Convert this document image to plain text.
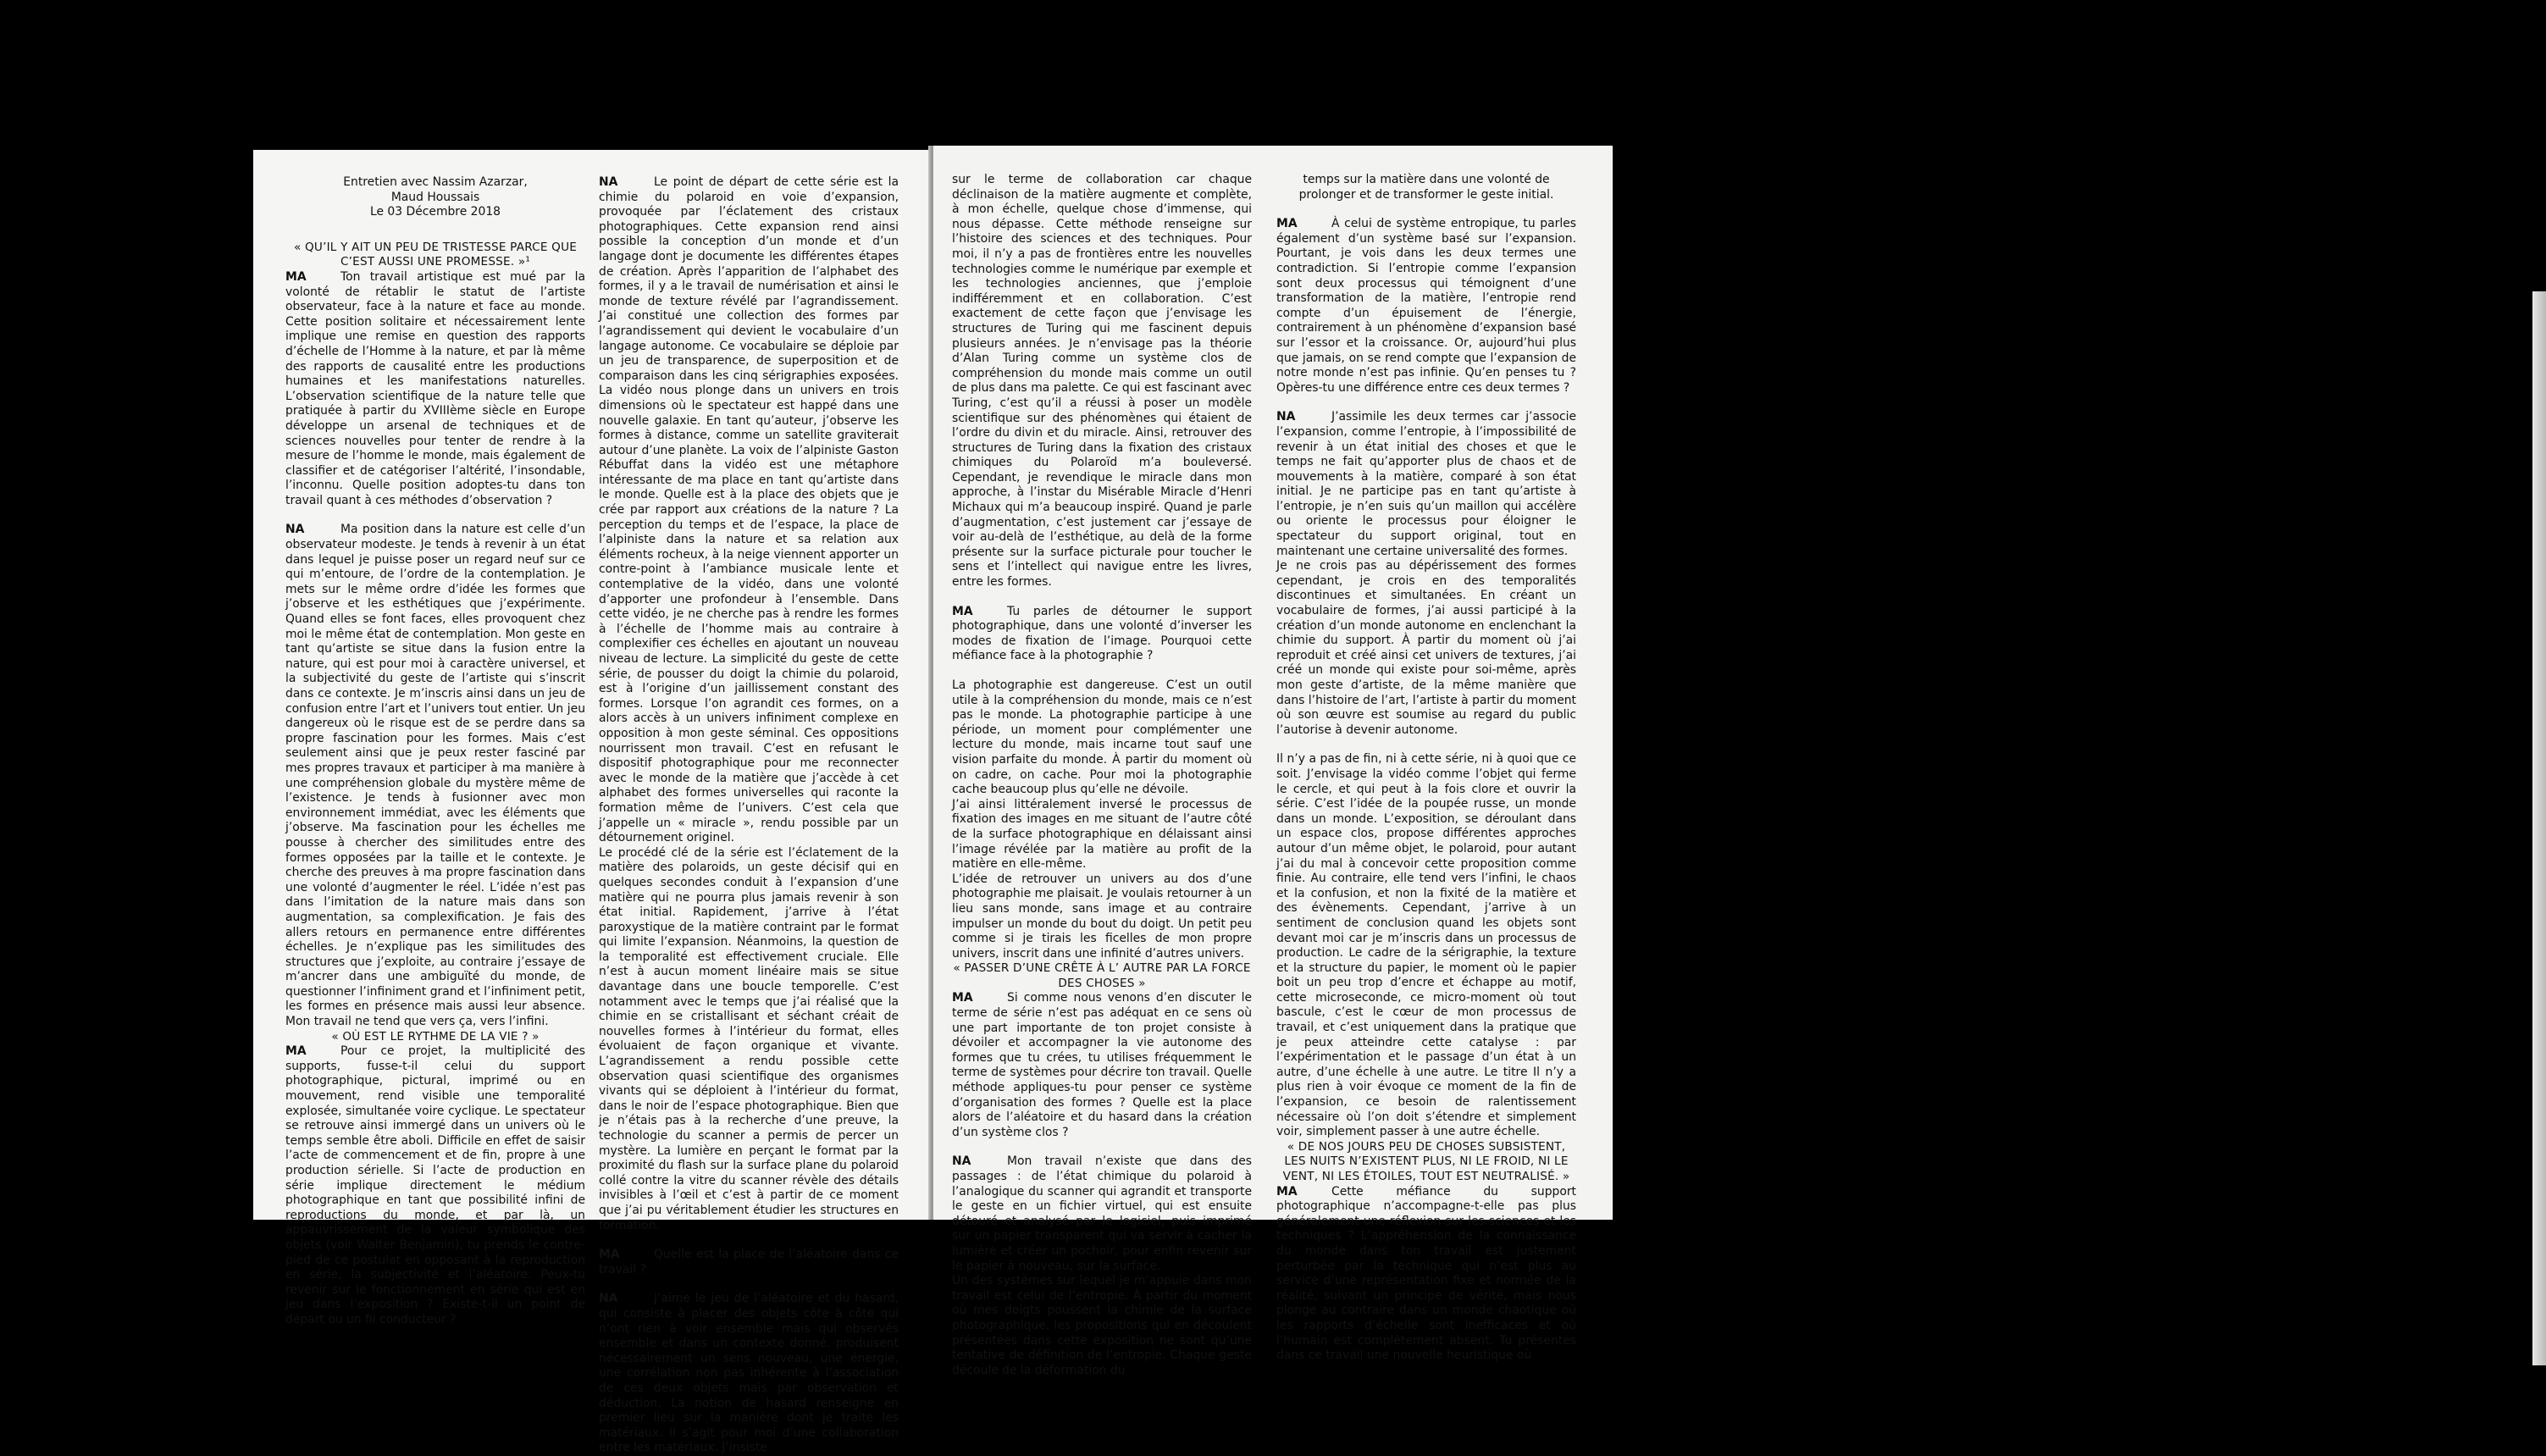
Entretien avec Nassim Azarzar,
Maud Houssais
Le 03 Décembre 2018

« QU’IL Y AIT UN PEU DE TRISTESSE PARCE QUE C’EST AUSSI UNE PROMESSE. »¹

MA	Ton travail artistique est mué par la volonté de rétablir le statut de l’artiste observateur, face à la nature et face au monde. Cette position solitaire et nécessairement lente implique une remise en question des rapports d’échelle de l’Homme à la nature, et par là même des rapports de causalité entre les productions humaines et les manifestations naturelles. L’observation scientifique de la nature telle que pratiquée à partir du XVIIIème siècle en Europe développe un arsenal de techniques et de sciences nouvelles pour tenter de rendre à la mesure de l’homme le monde, mais également de classifier et de catégoriser l’altérité, l’insondable, l’inconnu. Quelle position adoptes-tu dans ton travail quant à ces méthodes d’observation ?

NA	Ma position dans la nature est celle d’un observateur modeste. Je tends à revenir à un état dans lequel je puisse poser un regard neuf sur ce qui m’entoure, de l’ordre de la contemplation. Je mets sur le même ordre d’idée les formes que j’observe et les esthétiques que j’expérimente. Quand elles se font faces, elles provoquent chez moi le même état de contemplation. Mon geste en tant qu’artiste se situe dans la fusion entre la nature, qui est pour moi à caractère universel, et la subjectivité du geste de l’artiste qui s’inscrit dans ce contexte. Je m’inscris ainsi dans un jeu de confusion entre l’art et l’univers tout entier. Un jeu dangereux où le risque est de se perdre dans sa propre fascination pour les formes. Mais c’est seulement ainsi que je peux rester fasciné par mes propres travaux et participer à ma manière à une compréhension globale du mystère même de l’existence. Je tends à fusionner avec mon environnement immédiat, avec les éléments que j’observe. Ma fascination pour les échelles me pousse à chercher des similitudes entre des formes opposées par la taille et le contexte. Je cherche des preuves à ma propre fascination dans une volonté d’augmenter le réel. L’idée n’est pas dans l’imitation de la nature mais dans son augmentation, sa complexification. Je fais des allers retours en permanence entre différentes échelles. Je n’explique pas les similitudes des structures que j’exploite, au contraire j’essaye de m’ancrer dans une ambiguïté du monde, de questionner l’infiniment grand et l’infiniment petit, les formes en présence mais aussi leur absence. Mon travail ne tend que vers ça, vers l’infini.

« OÙ EST LE RYTHME DE LA VIE ? »

MA	Pour ce projet, la multiplicité des supports, fusse-t-il celui du support photographique, pictural, imprimé ou en mouvement, rend visible une temporalité explosée, simultanée voire cyclique. Le spectateur se retrouve ainsi immergé dans un univers où le temps semble être aboli. Difficile en effet de saisir l’acte de commencement et de fin, propre à une production sérielle. Si l’acte de production en série implique directement le médium photographique en tant que possibilité infini de reproductions du monde, et par là, un appauvrissement de la valeur symbolique des objets (voir Walter Benjamin), tu prends le contre-pied de ce postulat en opposant à la reproduction en série, la subjectivité et l’aléatoire. Peux-tu revenir sur le fonctionnement en série qui est en jeu dans l’exposition ? Existe-t-il un point de départ ou un fil conducteur ?

NA	Le point de départ de cette série est la chimie du polaroid en voie d’expansion, provoquée par l’éclatement des cristaux photographiques. Cette expansion rend ainsi possible la conception d’un monde et d’un langage dont je documente les différentes étapes de création. Après l’apparition de l’alphabet des formes, il y a le travail de numérisation et ainsi le monde de texture révélé par l’agrandissement. J’ai constitué une collection des formes par l’agrandissement qui devient le vocabulaire d’un langage autonome. Ce vocabulaire se déploie par un jeu de transparence, de superposition et de comparaison dans les cinq sérigraphies exposées. La vidéo nous plonge dans un univers en trois dimensions où le spectateur est happé dans une nouvelle galaxie. En tant qu’auteur, j’observe les formes à distance, comme un satellite graviterait autour d’une planète. La voix de l’alpiniste Gaston Rébuffat dans la vidéo est une métaphore intéressante de ma place en tant qu’artiste dans le monde. Quelle est à la place des objets que je crée par rapport aux créations de la nature ? La perception du temps et de l’espace, la place de l’alpiniste dans la nature et sa relation aux éléments rocheux, à la neige viennent apporter un contre-point à l’ambiance musicale lente et contemplative de la vidéo, dans une volonté d’apporter une profondeur à l’ensemble. Dans cette vidéo, je ne cherche pas à rendre les formes à l’échelle de l’homme mais au contraire à complexifier ces échelles en ajoutant un nouveau niveau de lecture. La simplicité du geste de cette série, de pousser du doigt la chimie du polaroid, est à l’origine d’un jaillissement constant des formes. Lorsque l’on agrandit ces formes, on a alors accès à un univers infiniment complexe en opposition à mon geste séminal. Ces oppositions nourrissent mon travail. C’est en refusant le dispositif photographique pour me reconnecter avec le monde de la matière que j’accède à cet alphabet des formes universelles qui raconte la formation même de l’univers. C’est cela que j’appelle un « miracle », rendu possible par un détournement originel.

Le procédé clé de la série est l’éclatement de la matière des polaroids, un geste décisif qui en quelques secondes conduit à l’expansion d’une matière qui ne pourra plus jamais revenir à son état initial. Rapidement, j’arrive à l’état paroxystique de la matière contraint par le format qui limite l’expansion. Néanmoins, la question de la temporalité est effectivement cruciale. Elle n’est à aucun moment linéaire mais se situe davantage dans une boucle temporelle. C’est notamment avec le temps que j’ai réalisé que la chimie en se cristallisant et séchant créait de nouvelles formes à l’intérieur du format, elles évoluaient de façon organique et vivante. L’agrandissement a rendu possible cette observation quasi scientifique des organismes vivants qui se déploient à l’intérieur du format, dans le noir de l’espace photographique. Bien que je n’étais pas à la recherche d’une preuve, la technologie du scanner a permis de percer un mystère. La lumière en perçant le format par la proximité du flash sur la surface plane du polaroid collé contre la vitre du scanner révèle des détails invisibles à l’œil et c’est à partir de ce moment que j’ai pu véritablement étudier les structures en formation.

MA	Quelle est la place de l’aléatoire dans ce travail ?

NA	J’aime le jeu de l’aléatoire et du hasard, qui consiste à placer des objets côte à côte qui n’ont rien à voir ensemble mais qui observés ensemble et dans un contexte donné, produisent nécessairement un sens nouveau, une énergie, une corrélation non pas inhérente à l’association de ces deux objets mais par observation et déduction. La notion de hasard renseigne en premier lieu sur la manière dont je traite les matériaux. Il s’agit pour moi d’une collaboration entre les matériaux. J’insiste

sur le terme de collaboration car chaque déclinaison de la matière augmente et complète, à mon échelle, quelque chose d’immense, qui nous dépasse. Cette méthode renseigne sur l’histoire des sciences et des techniques. Pour moi, il n’y a pas de frontières entre les nouvelles technologies comme le numérique par exemple et les technologies anciennes, que j’emploie indifféremment et en collaboration. C’est exactement de cette façon que j’envisage les structures de Turing qui me fascinent depuis plusieurs années. Je n’envisage pas la théorie d’Alan Turing comme un système clos de compréhension du monde mais comme un outil de plus dans ma palette. Ce qui est fascinant avec Turing, c’est qu’il a réussi à poser un modèle scientifique sur des phénomènes qui étaient de l’ordre du divin et du miracle. Ainsi, retrouver des structures de Turing dans la fixation des cristaux chimiques du Polaroïd m’a bouleversé. Cependant, je revendique le miracle dans mon approche, à l’instar du Misérable Miracle d’Henri Michaux qui m’a beaucoup inspiré. Quand je parle d’augmentation, c’est justement car j’essaye de voir au-delà de l’esthétique, au delà de la forme présente sur la surface picturale pour toucher le sens et l’intellect qui navigue entre les livres, entre les formes.

MA	Tu parles de détourner le support photographique, dans une volonté d’inverser les modes de fixation de l’image. Pourquoi cette méfiance face à la photographie ?

La photographie est dangereuse. C’est un outil utile à la compréhension du monde, mais ce n’est pas le monde. La photographie participe à une période, un moment pour complémenter une lecture du monde, mais incarne tout sauf une vision parfaite du monde. À partir du moment où on cadre, on cache. Pour moi la photographie cache beaucoup plus qu’elle ne dévoile.

J’ai ainsi littéralement inversé le processus de fixation des images en me situant de l’autre côté de la surface photographique en délaissant ainsi l’image révélée par la matière au profit de la matière en elle-même.

L’idée de retrouver un univers au dos d’une photographie me plaisait. Je voulais retourner à un lieu sans monde, sans image et au contraire impulser un monde du bout du doigt. Un petit peu comme si je tirais les ficelles de mon propre univers, inscrit dans une infinité d’autres univers.

« PASSER D’UNE CRÊTE À L’ AUTRE PAR LA FORCE DES CHOSES »

MA	Si comme nous venons d’en discuter le terme de série n’est pas adéquat en ce sens où une part importante de ton projet consiste à dévoiler et accompagner la vie autonome des formes que tu crées, tu utilises fréquemment le terme de systèmes pour décrire ton travail. Quelle méthode appliques-tu pour penser ce système d’organisation des formes ? Quelle est la place alors de l’aléatoire et du hasard dans la création d’un système clos ?

NA	Mon travail n’existe que dans des passages : de l’état chimique du polaroid à l’analogique du scanner qui agrandit et transporte le geste en un fichier virtuel, qui est ensuite détouré et analysé par le logiciel, puis imprimé sur un papier transparent qui va servir à cacher la lumière et créer un pochoir, pour enfin revenir sur le papier à nouveau, sur la surface.

Un des systèmes sur lequel je m’appuie dans mon travail est celui de l’entropie. À partir du moment où mes doigts poussent la chimie de la surface photographique, les propositions qui en découlent présentées dans cette exposition ne sont qu’une tentative de définition de l’entropie. Chaque geste découle de la déformation du

temps sur la matière dans une volonté de prolonger et de transformer le geste initial.

MA	À celui de système entropique, tu parles également d’un système basé sur l’expansion. Pourtant, je vois dans les deux termes une contradiction. Si l’entropie comme l’expansion sont deux processus qui témoignent d’une transformation de la matière, l’entropie rend compte d’un épuisement de l’énergie, contrairement à un phénomène d’expansion basé sur l’essor et la croissance. Or, aujourd’hui plus que jamais, on se rend compte que l’expansion de notre monde n’est pas infinie. Qu’en penses tu ? Opères-tu une différence entre ces deux termes ?

NA	J’assimile les deux termes car j’associe l’expansion, comme l’entropie, à l’impossibilité de revenir à un état initial des choses et que le temps ne fait qu’apporter plus de chaos et de mouvements à la matière, comparé à son état initial. Je ne participe pas en tant qu’artiste à l’entropie, je n’en suis qu’un maillon qui accélère ou oriente le processus pour éloigner le spectateur du support original, tout en maintenant une certaine universalité des formes.

Je ne crois pas au dépérissement des formes cependant, je crois en des temporalités discontinues et simultanées. En créant un vocabulaire de formes, j’ai aussi participé à la création d’un monde autonome en enclenchant la chimie du support. À partir du moment où j’ai reproduit et créé ainsi cet univers de textures, j’ai créé un monde qui existe pour soi-même, après mon geste d’artiste, de la même manière que dans l’histoire de l’art, l’artiste à partir du moment où son œuvre est soumise au regard du public l’autorise à devenir autonome.

Il n’y a pas de fin, ni à cette série, ni à quoi que ce soit. J’envisage la vidéo comme l’objet qui ferme le cercle, et qui peut à la fois clore et ouvrir la série. C’est l’idée de la poupée russe, un monde dans un monde. L’exposition, se déroulant dans un espace clos, propose différentes approches autour d’un même objet, le polaroid, pour autant j’ai du mal à concevoir cette proposition comme finie. Au contraire, elle tend vers l’infini, le chaos et la confusion, et non la fixité de la matière et des évènements. Cependant, j’arrive à un sentiment de conclusion quand les objets sont devant moi car je m’inscris dans un processus de production. Le cadre de la sérigraphie, la texture et la structure du papier, le moment où le papier boit un peu trop d’encre et échappe au motif, cette microseconde, ce micro-moment où tout bascule, c’est le cœur de mon processus de travail, et c’est uniquement dans la pratique que je peux atteindre cette catalyse : par l’expérimentation et le passage d’un état à un autre, d’une échelle à une autre. Le titre Il n’y a plus rien à voir évoque ce moment de la fin de l’expansion, ce besoin de ralentissement nécessaire où l’on doit s’étendre et simplement voir, simplement passer à une autre échelle.

« DE NOS JOURS PEU DE CHOSES SUBSISTENT, LES NUITS N’EXISTENT PLUS, NI LE FROID, NI LE VENT, NI LES ÉTOILES, TOUT EST NEUTRALISÉ. »

MA	Cette méfiance du support photographique n’accompagne-t-elle pas plus généralement une réflexion sur les sciences et les techniques ? L’appréhension de la connaissance du monde dans ton travail est justement perturbée par la technique qui n’est plus au service d’une représentation fixe et normée de la réalité, suivant un principe de vérité, mais nous plonge au contraire dans un monde chaotique où les rapports d’échelle sont inefficaces et où l’humain est complètement absent. Tu présentes dans ce travail une nouvelle heuristique où
